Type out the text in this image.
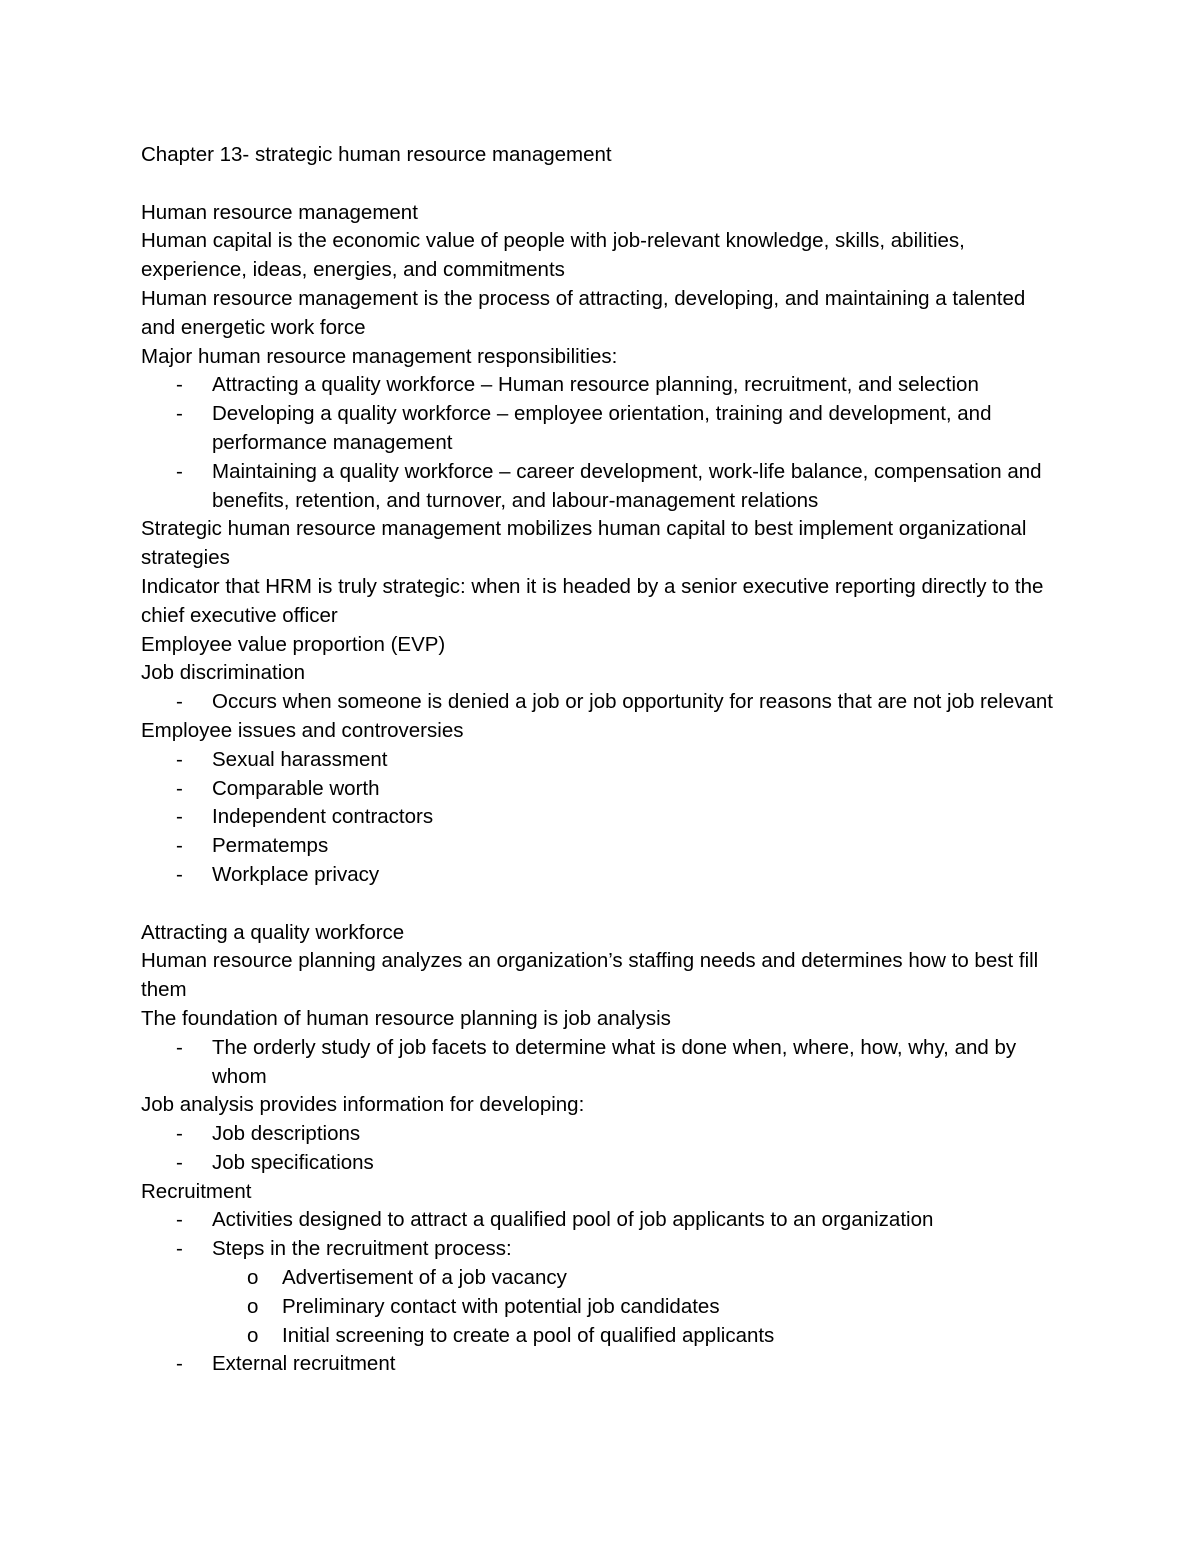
Chapter 13- strategic human resource management

Human resource management

Human capital is the economic value of people with job-relevant knowledge, skills, abilities, experience, ideas, energies, and commitments

Human resource management is the process of attracting, developing, and maintaining a talented and energetic work force

Major human resource management responsibilities:

- Attracting a quality workforce – Human resource planning, recruitment, and selection
- Developing a quality workforce – employee orientation, training and development, and performance management
- Maintaining a quality workforce – career development, work-life balance, compensation and benefits, retention, and turnover, and labour-management relations

Strategic human resource management mobilizes human capital to best implement organizational strategies

Indicator that HRM is truly strategic: when it is headed by a senior executive reporting directly to the chief executive officer

Employee value proportion (EVP)

Job discrimination

- Occurs when someone is denied a job or job opportunity for reasons that are not job relevant

Employee issues and controversies

- Sexual harassment
- Comparable worth
- Independent contractors
- Permatemps
- Workplace privacy

Attracting a quality workforce

Human resource planning analyzes an organization’s staffing needs and determines how to best fill them

The foundation of human resource planning is job analysis

- The orderly study of job facets to determine what is done when, where, how, why, and by whom

Job analysis provides information for developing:

- Job descriptions
- Job specifications

Recruitment

- Activities designed to attract a qualified pool of job applicants to an organization
- Steps in the recruitment process:
o Advertisement of a job vacancy
o Preliminary contact with potential job candidates
o Initial screening to create a pool of qualified applicants
- External recruitment
